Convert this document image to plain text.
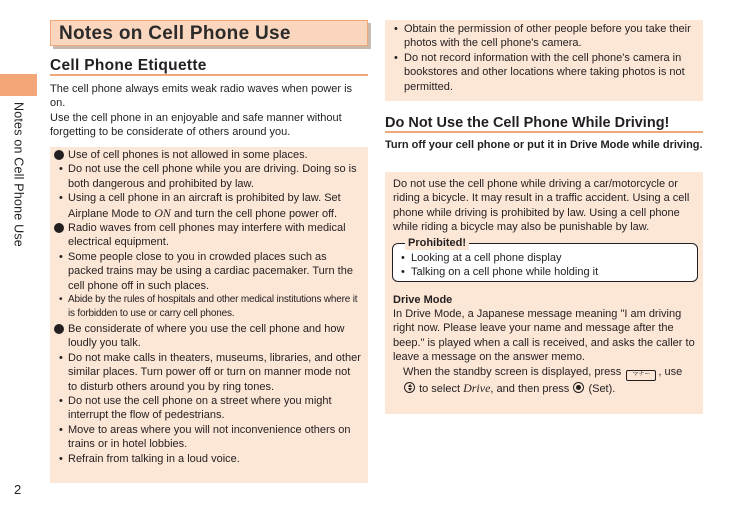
Notes on Cell Phone Use
2
Notes on Cell Phone Use
Cell Phone Etiquette
The cell phone always emits weak radio waves when power is on.
Use the cell phone in an enjoyable and safe manner without forgetting to be considerate of others around you.
Use of cell phones is not allowed in some places.
• Do not use the cell phone while you are driving. Doing so is both dangerous and prohibited by law.
• Using a cell phone in an aircraft is prohibited by law. Set Airplane Mode to ON and turn the cell phone power off.
Radio waves from cell phones may interfere with medical electrical equipment.
• Some people close to you in crowded places such as packed trains may be using a cardiac pacemaker. Turn the cell phone off in such places.
• Abide by the rules of hospitals and other medical institutions where it is forbidden to use or carry cell phones.
Be considerate of where you use the cell phone and how loudly you talk.
• Do not make calls in theaters, museums, libraries, and other similar places. Turn power off or turn on manner mode not to disturb others around you by ring tones.
• Do not use the cell phone on a street where you might interrupt the flow of pedestrians.
• Move to areas where you will not inconvenience others on trains or in hotel lobbies.
• Refrain from talking in a loud voice.
• Obtain the permission of other people before you take their photos with the cell phone's camera.
• Do not record information with the cell phone's camera in bookstores and other locations where taking photos is not permitted.
Do Not Use the Cell Phone While Driving!
Turn off your cell phone or put it in Drive Mode while driving.
Do not use the cell phone while driving a car/motorcycle or riding a bicycle. It may result in a traffic accident. Using a cell phone while driving is prohibited by law. Using a cell phone while riding a bicycle may also be punishable by law.
Prohibited!
• Looking at a cell phone display
• Talking on a cell phone while holding it
Drive Mode
In Drive Mode, a Japanese message meaning "I am driving right now. Please leave your name and message after the beep." is played when a call is received, and asks the caller to leave a message on the answer memo.
When the standby screen is displayed, press マナー , use  to select Drive, and then press (Set).
